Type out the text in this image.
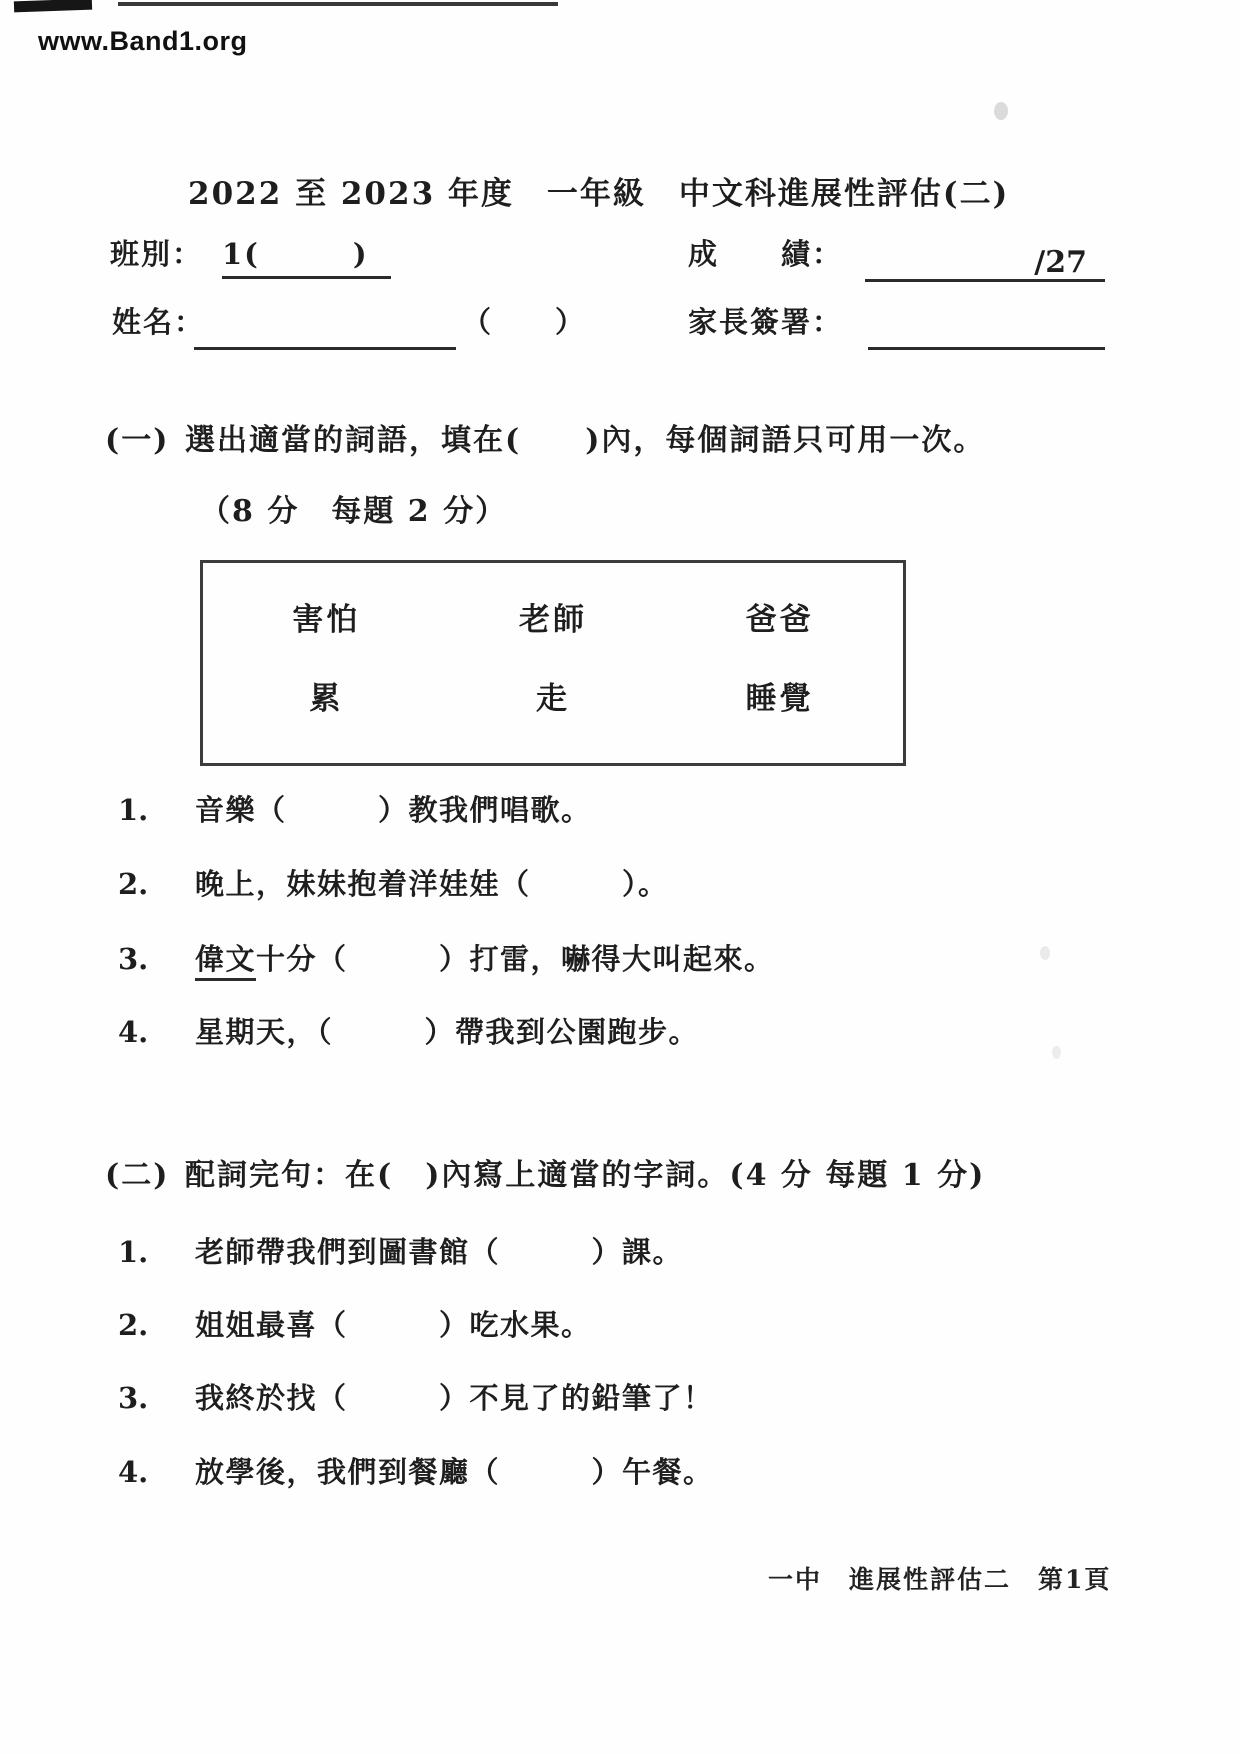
www.Band1.org
2022 至 2023 年度　一年級　中文科進展性評估(二)
班別： 1(　　　)	成　　績：	/27
姓名：	（　　）	家長簽署：
(一) 選出適當的詞語，填在(　　)內，每個詞語只可用一次。
（8 分　每題 2 分）
害怕	老師	爸爸
累	走	睡覺
1. 音樂（　　　）教我們唱歌。
2. 晚上，妹妹抱着洋娃娃（　　　）。
3. 偉文十分（　　　）打雷，嚇得大叫起來。
4. 星期天，（　　　）帶我到公園跑步。
(二) 配詞完句：在(　)內寫上適當的字詞。(4 分 每題 1 分)
1. 老師帶我們到圖書館（　　　）課。
2. 姐姐最喜（　　　）吃水果。
3. 我終於找（　　　）不見了的鉛筆了！
4. 放學後，我們到餐廳（　　　）午餐。
一中　進展性評估二　第1頁
